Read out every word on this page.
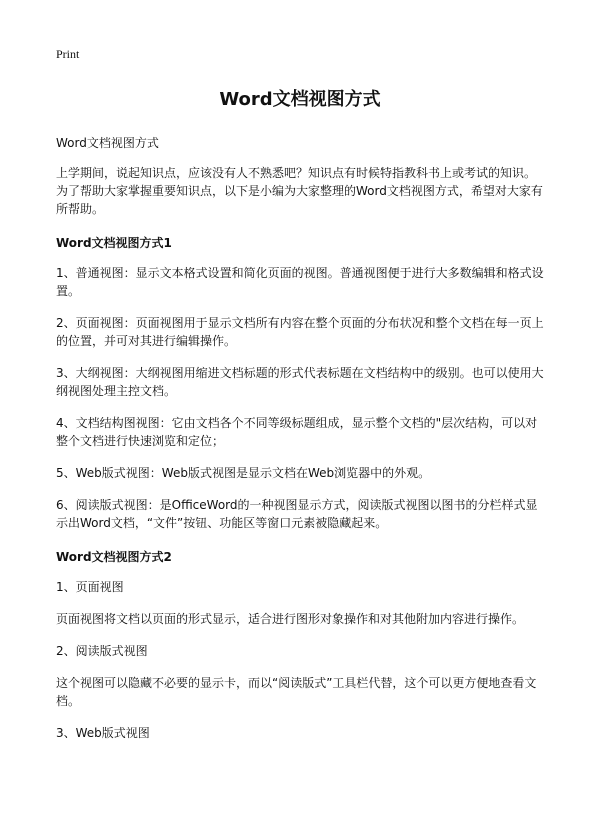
Print

Word文档视图方式

Word文档视图方式

上学期间，说起知识点，应该没有人不熟悉吧？知识点有时候特指教科书上或考试的知识。为了帮助大家掌握重要知识点，以下是小编为大家整理的Word文档视图方式，希望对大家有所帮助。

Word文档视图方式1

1、普通视图：显示文本格式设置和简化页面的视图。普通视图便于进行大多数编辑和格式设置。

2、页面视图：页面视图用于显示文档所有内容在整个页面的分布状况和整个文档在每一页上的位置，并可对其进行编辑操作。

3、大纲视图：大纲视图用缩进文档标题的形式代表标题在文档结构中的级别。也可以使用大纲视图处理主控文档。

4、文档结构图视图：它由文档各个不同等级标题组成，显示整个文档的"层次结构，可以对整个文档进行快速浏览和定位；

5、Web版式视图：Web版式视图是显示文档在Web浏览器中的外观。

6、阅读版式视图：是OfficeWord的一种视图显示方式，阅读版式视图以图书的分栏样式显示出Word文档，“文件”按钮、功能区等窗口元素被隐藏起来。

Word文档视图方式2

1、页面视图

页面视图将文档以页面的形式显示，适合进行图形对象操作和对其他附加内容进行操作。

2、阅读版式视图

这个视图可以隐藏不必要的显示卡，而以“阅读版式”工具栏代替，这个可以更方便地查看文档。

3、Web版式视图
